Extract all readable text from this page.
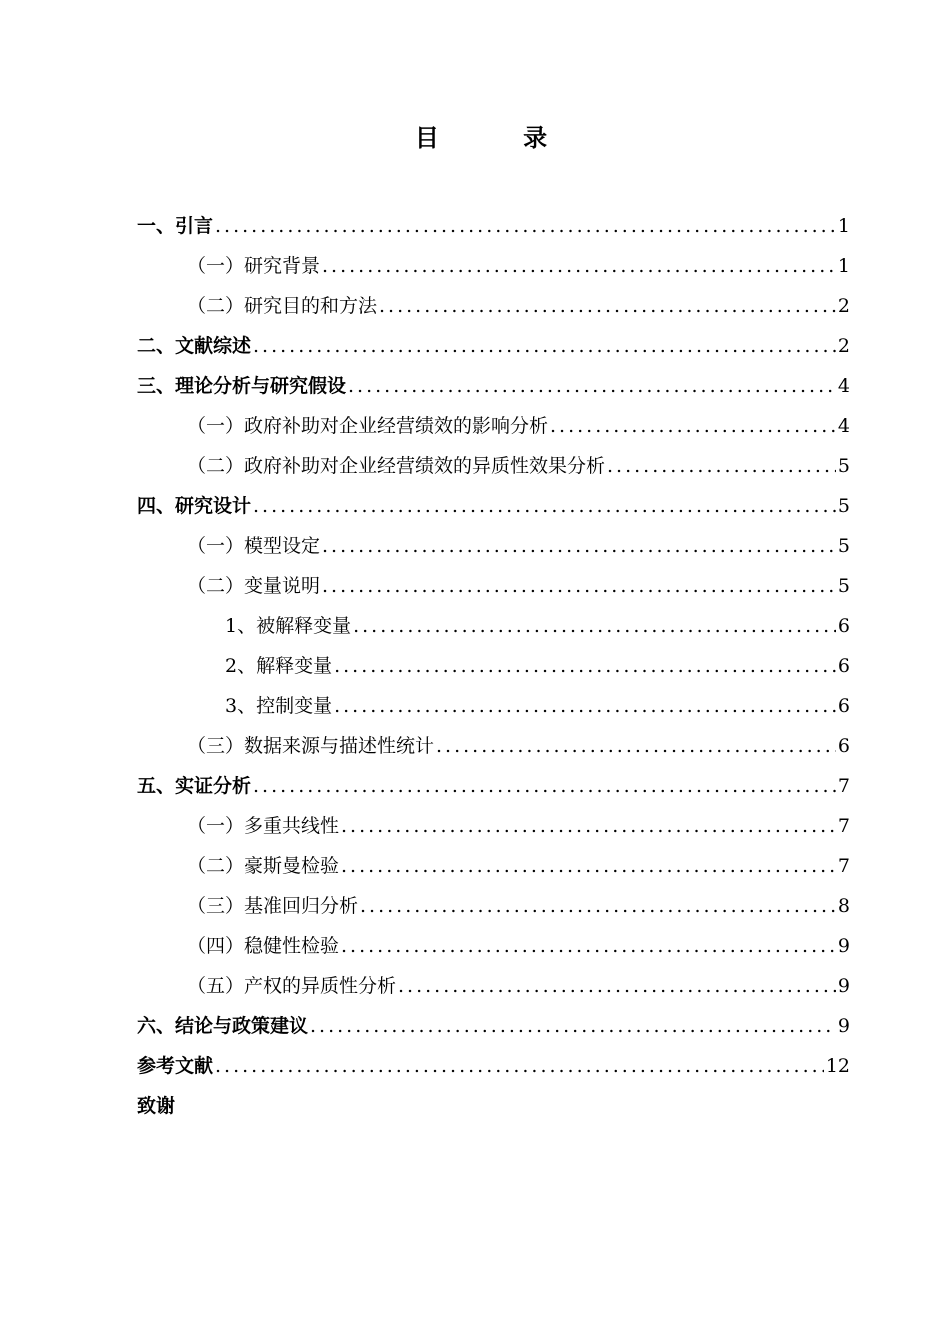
目 录
一、引言 .....	1
（一）研究背景 .....	1
（二）研究目的和方法 .....	2
二、文献综述 .....	2
三、理论分析与研究假设 .....	4
（一）政府补助对企业经营绩效的影响分析 .....	4
（二）政府补助对企业经营绩效的异质性效果分析 .....	5
四、研究设计 .....	5
（一）模型设定 .....	5
（二）变量说明 .....	5
1、被解释变量 .....	6
2、解释变量 .....	6
3、控制变量 .....	6
（三）数据来源与描述性统计 .....	6
五、实证分析 .....	7
（一）多重共线性 .....	7
（二）豪斯曼检验 .....	7
（三）基准回归分析 .....	8
（四）稳健性检验 .....	9
（五）产权的异质性分析 .....	9
六、结论与政策建议 .....	9
参考文献 .....	12
致谢
